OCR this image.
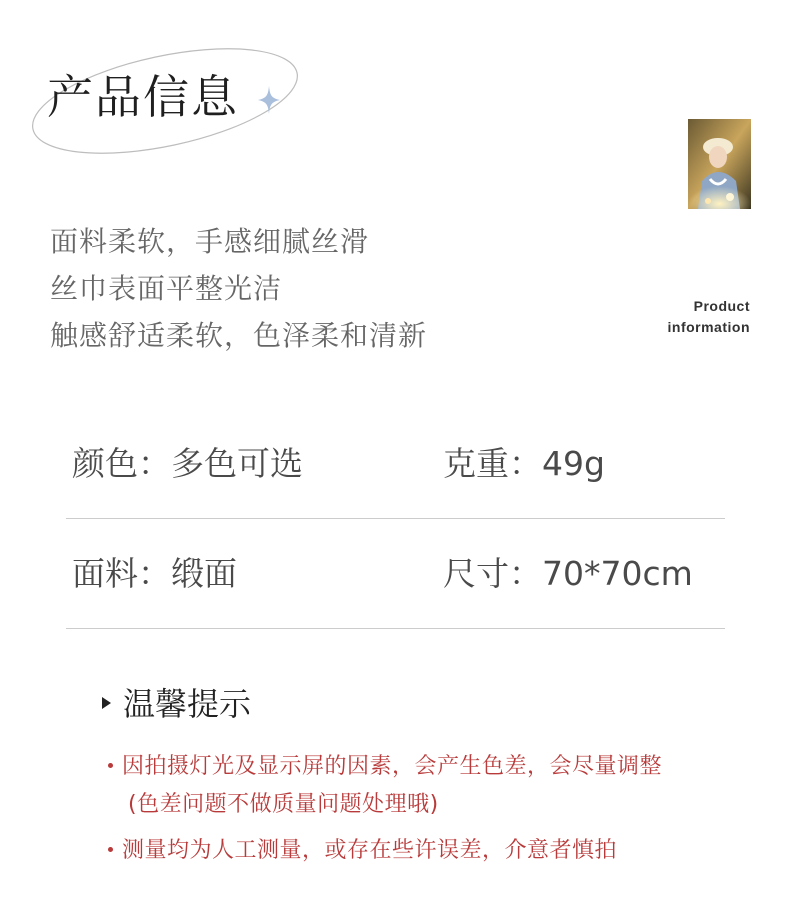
产品信息
面料柔软，手感细腻丝滑
丝巾表面平整光洁
触感舒适柔软，色泽柔和清新
Product
information
颜色：多色可选	克重：49g
面料：缎面	尺寸：70*70cm
温馨提示
因拍摄灯光及显示屏的因素，会产生色差，会尽量调整
(色差问题不做质量问题处理哦)
测量均为人工测量，或存在些许误差，介意者慎拍
